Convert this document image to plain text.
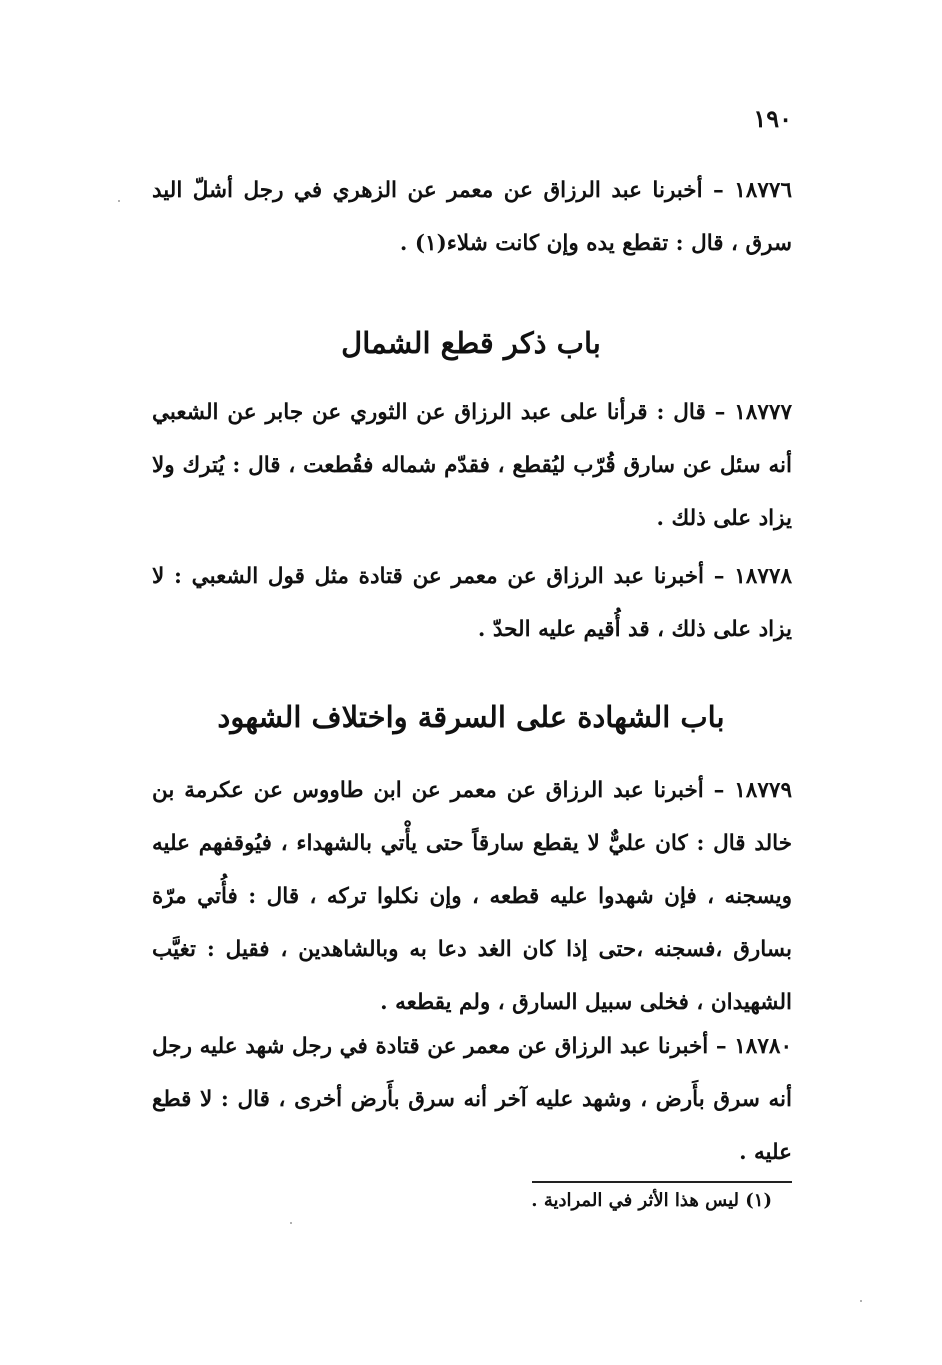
١٩٠

١٨٧٧٦ – أخبرنا عبد الرزاق عن معمر عن الزهري في رجل أشلّ اليد سرق ، قال : تقطع يده وإن كانت شلاء(١) .

باب ذكر قطع الشمال

١٨٧٧٧ – قال : قرأنا على عبد الرزاق عن الثوري عن جابر عن الشعبي أنه سئل عن سارق قُرّب ليُقطع ، فقدّم شماله فقُطعت ، قال : يُترك ولا يزاد على ذلك .

١٨٧٧٨ – أخبرنا عبد الرزاق عن معمر عن قتادة مثل قول الشعبي : لا يزاد على ذلك ، قد أُقيم عليه الحدّ .

باب الشهادة على السرقة واختلاف الشهود

١٨٧٧٩ – أخبرنا عبد الرزاق عن معمر عن ابن طاووس عن عكرمة بن خالد قال : كان عليٌّ لا يقطع سارقاً حتى يأْتي بالشهداء ، فيُوقفهم عليه ويسجنه ، فإن شهدوا عليه قطعه ، وإن نكلوا تركه ، قال : فأُتي مرّة بسارق ،فسجنه ،حتى إذا كان الغد دعا به وبالشاهدين ، فقيل : تغيَّب الشهيدان ، فخلى سبيل السارق ، ولم يقطعه .

١٨٧٨٠ – أخبرنا عبد الرزاق عن معمر عن قتادة في رجل شهد عليه رجل أنه سرق بأَرض ، وشهد عليه آخر أنه سرق بأَرض أخرى ، قال : لا قطع عليه .

(١) ليس هذا الأثر في المرادية .
